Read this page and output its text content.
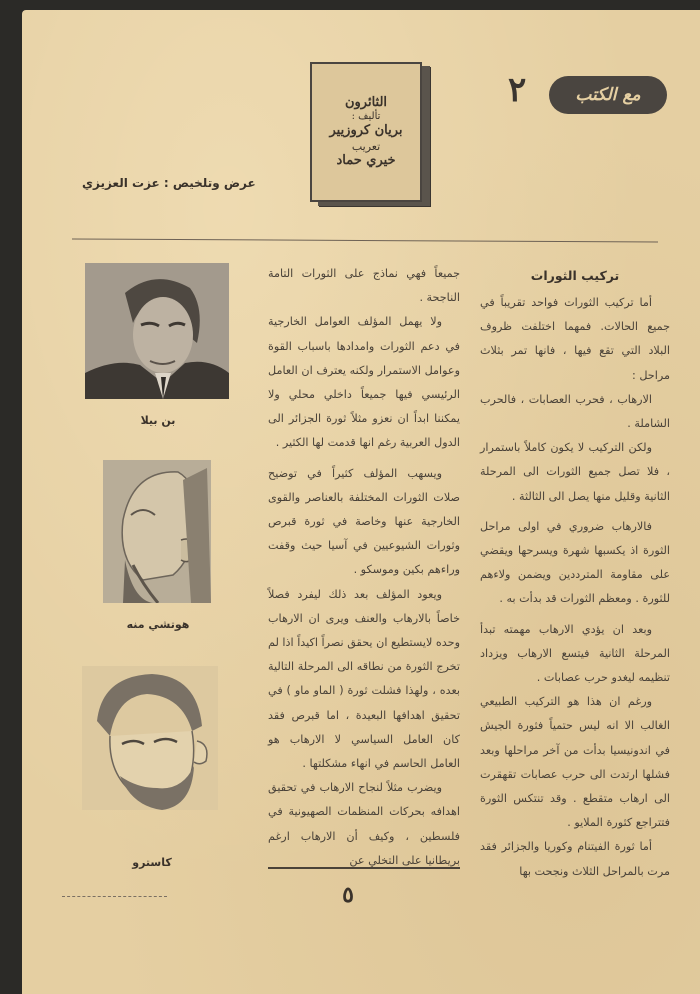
مع الكتب
٢
الثائرون
تأليف :
بريان كروزيير
تعريب
خيري حماد
عرض وتلخيص : عزت العزيزي
تركيب الثورات

أما تركيب الثورات فواحد تقريباً في جميع الحالات. فمهما اختلفت ظروف البلاد التي تقع فيها ، فانها تمر بثلاث مراحل :

الارهاب ، فحرب العصابات ، فالحرب الشاملة .

ولكن التركيب لا يكون كاملاً باستمرار ، فلا تصل جميع الثورات الى المرحلة الثانية وقليل منها يصل الى الثالثة .

فالارهاب ضروري في اولى مراحل الثورة اذ يكسبها شهرة ويسرحها ويقضي على مقاومة المترددين ويضمن ولاءهم للثورة . ومعظم الثورات قد بدأت به .

وبعد ان يؤدي الارهاب مهمته تبدأ المرحلة الثانية فيتسع الارهاب ويزداد تنظيمه ليغدو حرب عصابات .

ورغم ان هذا هو التركيب الطبيعي الغالب الا انه ليس حتمياً فثورة الجيش في اندونيسيا بدأت من آخر مراحلها وبعد فشلها ارتدت الى حرب عصابات تقهقرت الى ارهاب متقطع . وقد تنتكس الثورة فتتراجع كثورة الملايو .

أما ثورة الفيتنام وكوريا والجزائر فقد مرت بالمراحل الثلاث ونجحت بها

جميعاً فهي نماذج على الثورات التامة الناجحة .

ولا يهمل المؤلف العوامل الخارجية في دعم الثورات وامدادها باسباب القوة وعوامل الاستمرار ولكنه يعترف ان العامل الرئيسي فيها جميعاً داخلي محلي ولا يمكننا ابداً ان نعزو مثلاً ثورة الجزائر الى الدول العربية رغم انها قدمت لها الكثير .

ويسهب المؤلف كثيراً في توضيح صلات الثورات المختلفة بالعناصر والقوى الخارجية عنها وخاصة في ثورة قبرص وثورات الشيوعيين في آسيا حيث وقفت وراءهم بكين وموسكو .

ويعود المؤلف بعد ذلك ليفرد فصلاً خاصاً بالارهاب والعنف ويرى ان الارهاب وحده لايستطيع ان يحقق نصراً اكيداً اذا لم تخرج الثورة من نطاقه الى المرحلة التالية بعده ، ولهذا فشلت ثورة ( الماو ماو ) في تحقيق اهدافها البعيدة ، اما قبرص فقد كان العامل السياسي لا الارهاب هو العامل الحاسم في انهاء مشكلتها .

ويضرب مثلاً لنجاح الارهاب في تحقيق اهدافه بحركات المنظمات الصهيونية في فلسطين ، وكيف أن الارهاب ارغم بريطانيا على التخلي عن

بن بيلا
هوتشي منه
كاسترو
٥
